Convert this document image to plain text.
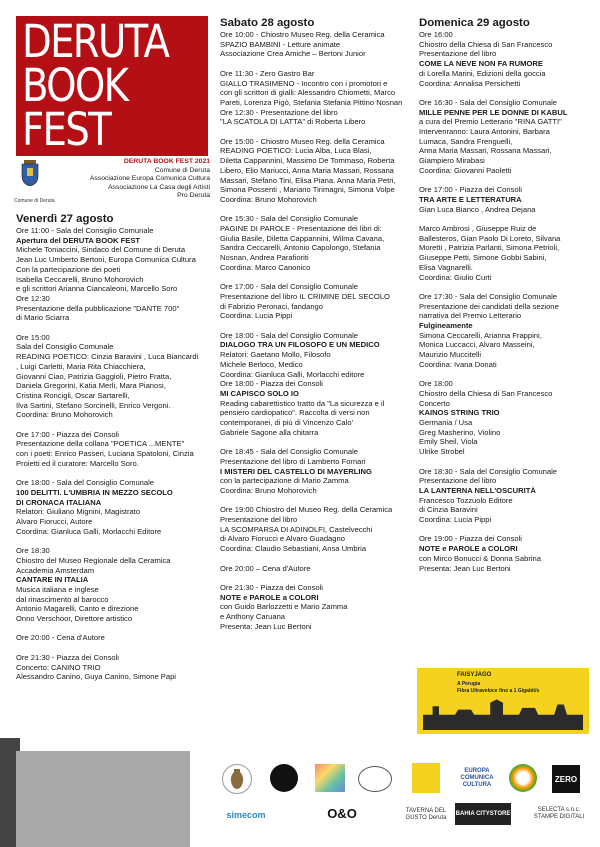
DERUTA
BOOK
FEST
Comune di Deruta
DERUTA BOOK FEST 2021
Comune di Deruta
Associazione Europa Comunica Cultura
Associazione La Casa degli Artisti
Pro Deruta
Venerdì 27 agosto
Ore 11:00 - Sala del Consiglio Comunale
Apertura del DERUTA BOOK FEST
Michele Toniaccini, Sindaco del Comune di Deruta
Jean Luc Umberto Bertoni, Europa Comunica Cultura
Con la partecipazione dei poeti
Isabella Ceccarelli, Bruno Mohorovich
e gli scrittori Arianna Ciancaleoni, Marcello Soro
Ore 12:30
Presentazione della pubblicazione "DANTE 700"
di Mario Sciarra
Ore 15:00
Sala del Consiglio Comunale
READING POETICO: Cinzia Baravini , Luca Biancardi
, Luigi Carletti, Maria Rita Chiacchiera,
Giovanni Ciao, Patrizia Gaggioli, Pietro Fratta,
Daniela Gregorini, Katia Merli, Mara Pianosi,
Cristina Roncigli, Oscar Sartarelli,
Ilva Sartini, Stefano Sorcinelli, Enrico Vergoni.
Coordina: Bruno Mohorovich
Ore 17:00 - Piazza dei Consoli
Presentazione della collana "POETICA ...MENTE"
con i poeti: Enrico Passeri, Luciana Spatoloni, Cinzia
Proietti ed il curatore: Marcello Soro.
Ore 18:00 - Sala del Consiglio Comunale
100 DELITTI. L'UMBRIA IN MEZZO SECOLO
DI CRONACA ITALIANA
Relatori: Giuliano Mignini, Magistrato
Alvaro Fiorucci, Autore
Coordina: Gianluca Galli, Morlacchi Editore
Ore 18:30
Chiostro del Museo Regionale della Ceramica
Accademia Amsterdam
CANTARE IN ITALIA
Musica italiana e inglese
dal rinascimento al barocco
Antonio Magarelli, Canto e direzione
Onno Verschoor, Direttore artistico
Ore 20:00 - Cena d'Autore
Ore 21:30 - Piazza dei Consoli
Concerto: CANINO TRIO
Alessandro Canino, Guya Canino, Simone Papi
Sabato 28 agosto
Ore 10:00 - Chiostro Museo Reg. della Ceramica
SPAZIO BAMBINI - Letture animate
Associazione Crea Amiche – Bertoni Junior
Ore 11:30 - Zero Gastro Bar
GIALLO TRASIMENO - Incontro con i promotori e
con gli scrittori di gialli: Alessandro Chiometti, Marco
Pareti, Lorenza Pigò, Stefania Stefania Pittino Nosnan
Ore 12:30 - Presentazione del libro
"LA SCATOLA DI LATTA" di Roberta Libero
Ore 15:00 - Chiostro Museo Reg. della Ceramica
READING POETICO: Lucia Alba, Luca Blasi,
Diletta Cappannini, Massimo De Tommaso, Roberta
Libero, Elio Mariucci, Anna Maria Massari, Rossana
Massari, Stefano Tini, Elisa Piana. Anna Maria Petri,
Simona Possenti , Mariano Tirimagni, Simona Volpe
Coordina: Bruno Mohorovich
Ore 15:30 - Sala del Consiglio Comunale
PAGINE DI PAROLE - Presentazione dei libri di:
Giulia Basile, Diletta Cappannini, Wilma Cavana,
Sandra Ceccarelli, Antonio Capolongo, Stefania
Nosnan, Andrea Parafioriti
Coordina: Marco Canonico
Ore 17:00 - Sala del Consiglio Comunale
Presentazione del libro IL CRIMINE DEL SECOLO
di Fabrizio Peronaci, fandango
Coordina: Lucia Pippi
Ore 18:00 - Sala del Consiglio Comunale
DIALOGO TRA UN FILOSOFO E UN MEDICO
Relatori: Gaetano Mollo, Filosofo
Michele Berloco, Medico
Coordina: Gianluca Galli, Morlacchi editore
Ore 18:00 - Piazza dei Consoli
MI CAPISCO SOLO IO
Reading cabarettistico tratto da "La sicurezza e il
pensiero cardiopatico". Raccolta di versi non
contemporanei, di più di Vincenzo Calo'
Gabriele Sagone alla chitarra
Ore 18:45 - Sala del Consiglio Comunale
Presentazione del libro di Lamberto Fornari
I MISTERI DEL CASTELLO DI MAYERLING
con la partecipazione di Mario Zamma
Coordina: Bruno Mohorovich
Ore 19:00 Chiostro del Museo Reg. della Ceramica
Presentazione del libro
LA SCOMPARSA DI ADINOLFI, Castelvecchi
di Alvaro Fiorucci e Alvaro Guadagno
Coordina: Claudio Sebastiani, Ansa Umbria
Ore 20:00 – Cena d'Autore
Ore 21:30 - Piazza dei Consoli
NOTE e PAROLE a COLORI
con Guido Barlozzetti e Mario Zamma
e Anthony Caruana
Presenta: Jean Luc Bertoni
Domenica 29 agosto
Ore 16:00
Chiostro della Chiesa di San Francesco
Presentazione del libro
COME LA NEVE NON FA RUMORE
di Lorella Marini, Edizioni della goccia
Coordina: Annalisa Persichetti
Ore 16:30 - Sala del Consiglio Comunale
MILLE PENNE PER LE DONNE DI KABUL
a cura del Premio Letterario "RINA GATTI"
Intervenranno: Laura Antonini, Barbara
Lumaca, Sandra Frenguelli,
Anna Maria Massari, Rossana Massari,
Giampiero Mirabasi
Coordina: Giovanni Paoletti
Ore 17:00 - Piazza dei Consoli
TRA ARTE E LETTERATURA
Gian Luca Bianco , Andrea Dejana
Marco Ambrosi , Giuseppe Ruiz de
Ballesteros, Gian Paolo Di Loreto, Silvana
Moretti , Patrizia Parlanti, Simona Petrioli,
Giuseppe Petti, Simone Gobbi Sabini,
Elisa Vagnarelli.
Coordina: Giulio Curti
Ore 17:30 - Sala del Consiglio Comunale
Presentazione dei candidati della sezione
narrativa del Premio Letterario
Fulgineamente
Simona Ceccarelli, Arianna Frappini,
Monica Luccacci, Alvaro Masseini,
Maurizio Muccitelli
Coordina: Ivana Donati
Ore 18:00
Chiostro della Chiesa di San Francesco
Concerto
KAINOS STRING TRIO
Germania / Usa
Greg Masherino, Violino
Emily Sheil, Viola
Ulrike Strobel
Ore 18:30 - Sala del Consiglio Comunale
Presentazione del libro
LA LANTERNA NELL'OSCURITÀ
Francesco Tozzuolo Editore
di Cinzia Baravini
Coordina: Lucia Pippi
Ore 19:00 - Piazza dei Consoli
NOTE e PAROLE a COLORI
con Mirco Bonucci & Donna Sabrina
Presenta: Jean Luc Bertoni
FAISYJAGO
A Perugia
Fibra Ultraveloce fino a 1 Gigabit/s
EUROPA COMUNICA CULTURA
ZERO
simecom	O&O	TAVERNA DEL GUSTO Deruta
BAHIA CITYSTORE
SELECTA s.n.c. STAMPE DIGITALI
